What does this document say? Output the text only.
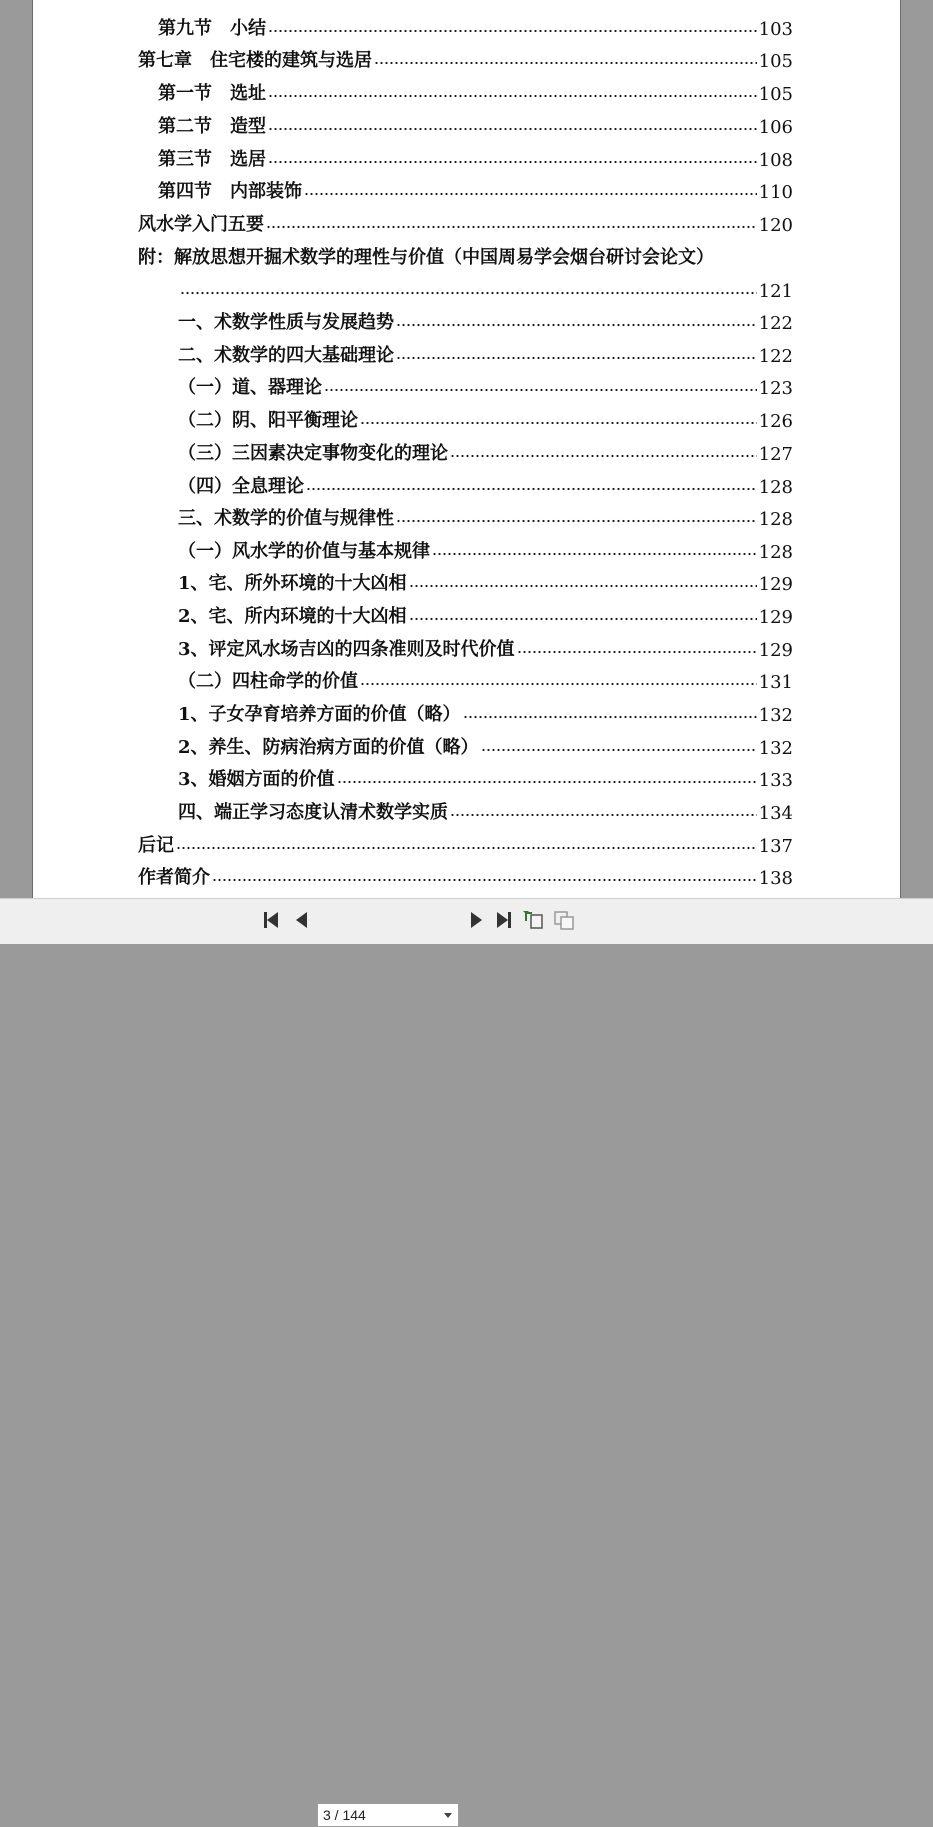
第九节　小结	103
第七章　住宅楼的建筑与选居	105
第一节　选址	105
第二节　造型	106
第三节　选居	108
第四节　内部装饰	110
风水学入门五要	120
附：解放思想开掘术数学的理性与价值（中国周易学会烟台研讨会论文）
121
一、术数学性质与发展趋势	122
二、术数学的四大基础理论	122
（一）道、器理论	123
（二）阴、阳平衡理论	126
（三）三因素决定事物变化的理论	127
（四）全息理论	128
三、术数学的价值与规律性	128
（一）风水学的价值与基本规律	128
1、宅、所外环境的十大凶相	129
2、宅、所内环境的十大凶相	129
3、评定风水场吉凶的四条准则及时代价值	129
（二）四柱命学的价值	131
1、子女孕育培养方面的价值（略）	132
2、养生、防病治病方面的价值（略）	132
3、婚姻方面的价值	133
四、端正学习态度认清术数学实质	134
后记	137
作者简介	138
3 / 144
